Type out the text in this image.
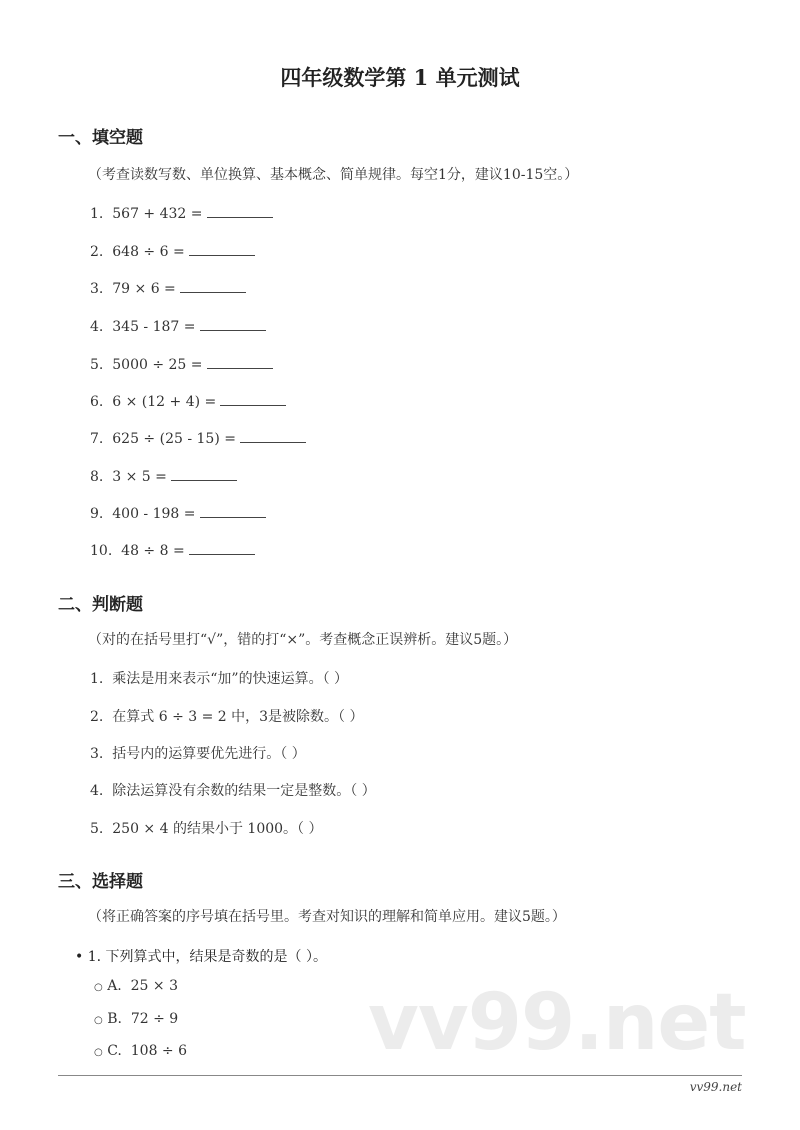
四年级数学第 1 单元测试
一、填空题
（考查读数写数、单位换算、基本概念、简单规律。每空1分，建议10-15空。）
1.  567 + 432 =
2.  648 ÷ 6 =
3.  79 × 6 =
4.  345 - 187 =
5.  5000 ÷ 25 =
6.  6 × (12 + 4) =
7.  625 ÷ (25 - 15) =
8.  3 × 5 =
9.  400 - 198 =
10.  48 ÷ 8 =
二、判断题
（对的在括号里打“√”，错的打“×”。考查概念正误辨析。建议5题。）
1.  乘法是用来表示“加”的快速运算。（ ）
2.  在算式 6 ÷ 3 = 2 中，3是被除数。（ ）
3.  括号内的运算要优先进行。（ ）
4.  除法运算没有余数的结果一定是整数。（ ）
5.  250 × 4 的结果小于 1000。（ ）
三、选择题
（将正确答案的序号填在括号里。考查对知识的理解和简单应用。建议5题。）
vv99.net
• 1. 下列算式中，结果是奇数的是（ ）。
○ A.  25 × 3
○ B.  72 ÷ 9
○ C.  108 ÷ 6
vv99.net
